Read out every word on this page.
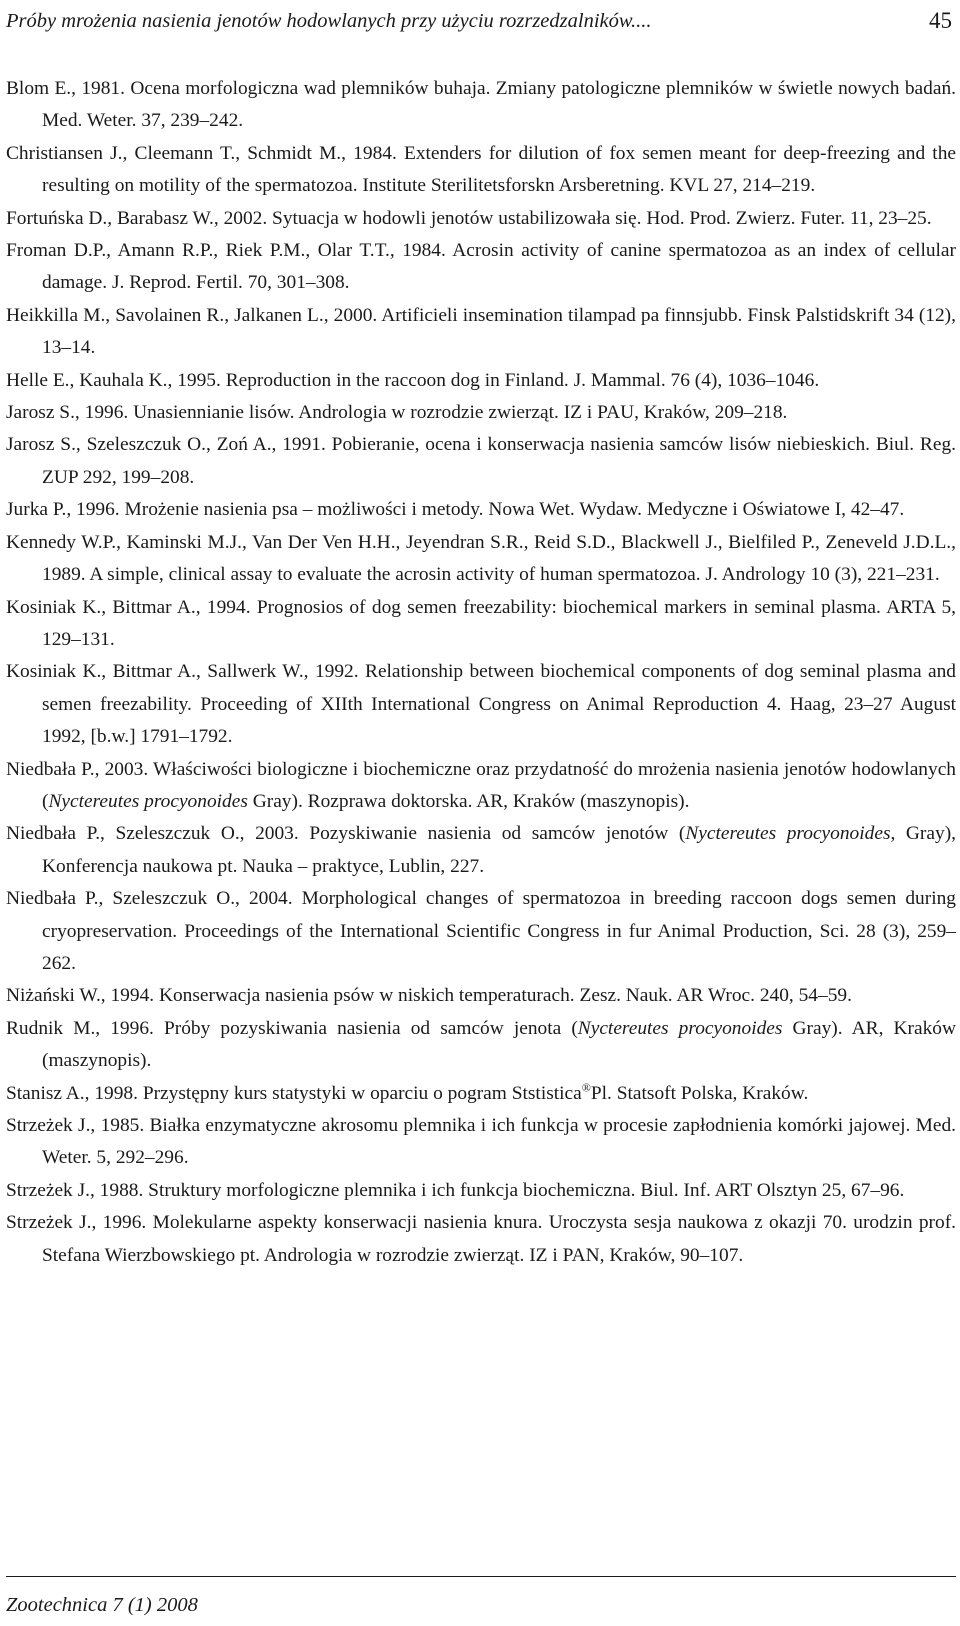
Próby mrożenia nasienia jenotów hodowlanych przy użyciu rozrzedzalników....	45
Blom E., 1981. Ocena morfologiczna wad plemników buhaja. Zmiany patologiczne plemników w świetle nowych badań. Med. Weter. 37, 239–242.
Christiansen J., Cleemann T., Schmidt M., 1984. Extenders for dilution of fox semen meant for deep-freezing and the resulting on motility of the spermatozoa. Institute Sterilitetsforskn Arsberetning. KVL 27, 214–219.
Fortuńska D., Barabasz W., 2002. Sytuacja w hodowli jenotów ustabilizowała się. Hod. Prod. Zwierz. Futer. 11, 23–25.
Froman D.P., Amann R.P., Riek P.M., Olar T.T., 1984. Acrosin activity of canine spermatozoa as an index of cellular damage. J. Reprod. Fertil. 70, 301–308.
Heikkilla M., Savolainen R., Jalkanen L., 2000. Artificieli insemination tilampad pa finnsjubb. Finsk Palstidskrift 34 (12), 13–14.
Helle E., Kauhala K., 1995. Reproduction in the raccoon dog in Finland. J. Mammal. 76 (4), 1036–1046.
Jarosz S., 1996. Unasiennianie lisów. Andrologia w rozrodzie zwierząt. IZ i PAU, Kraków, 209–218.
Jarosz S., Szeleszczuk O., Zoń A., 1991. Pobieranie, ocena i konserwacja nasienia samców lisów niebieskich. Biul. Reg. ZUP 292, 199–208.
Jurka P., 1996. Mrożenie nasienia psa – możliwości i metody. Nowa Wet. Wydaw. Medyczne i Oświatowe I, 42–47.
Kennedy W.P., Kaminski M.J., Van Der Ven H.H., Jeyendran S.R., Reid S.D., Blackwell J., Bielfiled P., Zeneveld J.D.L., 1989. A simple, clinical assay to evaluate the acrosin activity of human spermatozoa. J. Andrology 10 (3), 221–231.
Kosiniak K., Bittmar A., 1994. Prognosios of dog semen freezability: biochemical markers in seminal plasma. ARTA 5, 129–131.
Kosiniak K., Bittmar A., Sallwerk W., 1992. Relationship between biochemical components of dog seminal plasma and semen freezability. Proceeding of XIIth International Congress on Animal Reproduction 4. Haag, 23–27 August 1992, [b.w.] 1791–1792.
Niedbała P., 2003. Właściwości biologiczne i biochemiczne oraz przydatność do mrożenia nasienia jenotów hodowlanych (Nyctereutes procyonoides Gray). Rozprawa doktorska. AR, Kraków (maszynopis).
Niedbała P., Szeleszczuk O., 2003. Pozyskiwanie nasienia od samców jenotów (Nyctereutes procyonoides, Gray), Konferencja naukowa pt. Nauka – praktyce, Lublin, 227.
Niedbała P., Szeleszczuk O., 2004. Morphological changes of spermatozoa in breeding raccoon dogs semen during cryopreservation. Proceedings of the International Scientific Congress in fur Animal Production, Sci. 28 (3), 259–262.
Niżański W., 1994. Konserwacja nasienia psów w niskich temperaturach. Zesz. Nauk. AR Wroc. 240, 54–59.
Rudnik M., 1996. Próby pozyskiwania nasienia od samców jenota (Nyctereutes procyonoides Gray). AR, Kraków (maszynopis).
Stanisz A., 1998. Przystępny kurs statystyki w oparciu o pogram Ststistica®Pl. Statsoft Polska, Kraków.
Strzeżek J., 1985. Białka enzymatyczne akrosomu plemnika i ich funkcja w procesie zapłodnienia komórki jajowej. Med. Weter. 5, 292–296.
Strzeżek J., 1988. Struktury morfologiczne plemnika i ich funkcja biochemiczna. Biul. Inf. ART Olsztyn 25, 67–96.
Strzeżek J., 1996. Molekularne aspekty konserwacji nasienia knura. Uroczysta sesja naukowa z okazji 70. urodzin prof. Stefana Wierzbowskiego pt. Andrologia w rozrodzie zwierząt. IZ i PAN, Kraków, 90–107.
Zootechnica 7 (1) 2008
